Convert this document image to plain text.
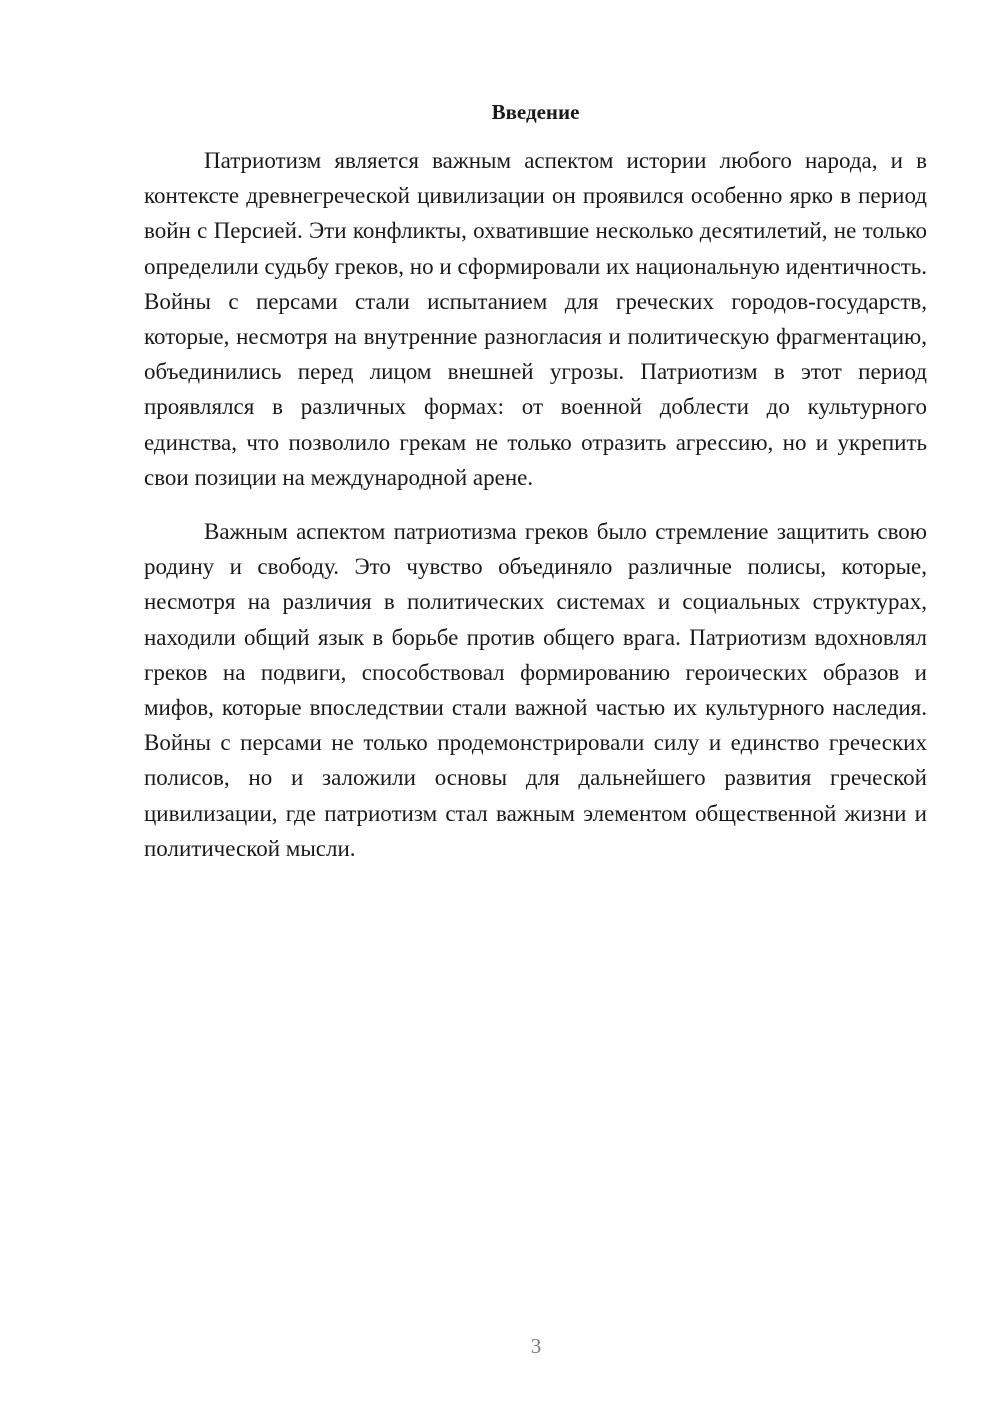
Введение

Патриотизм является важным аспектом истории любого народа, и в контексте древнегреческой цивилизации он проявился особенно ярко в период войн с Персией. Эти конфликты, охватившие несколько десятилетий, не только определили судьбу греков, но и сформировали их национальную идентичность. Войны с персами стали испытанием для греческих городов-государств, которые, несмотря на внутренние разногласия и политическую фрагментацию, объединились перед лицом внешней угрозы. Патриотизм в этот период проявлялся в различных формах: от военной доблести до культурного единства, что позволило грекам не только отразить агрессию, но и укрепить свои позиции на международной арене.

Важным аспектом патриотизма греков было стремление защитить свою родину и свободу. Это чувство объединяло различные полисы, которые, несмотря на различия в политических системах и социальных структурах, находили общий язык в борьбе против общего врага. Патриотизм вдохновлял греков на подвиги, способствовал формированию героических образов и мифов, которые впоследствии стали важной частью их культурного наследия. Войны с персами не только продемонстрировали силу и единство греческих полисов, но и заложили основы для дальнейшего развития греческой цивилизации, где патриотизм стал важным элементом общественной жизни и политической мысли.

3
